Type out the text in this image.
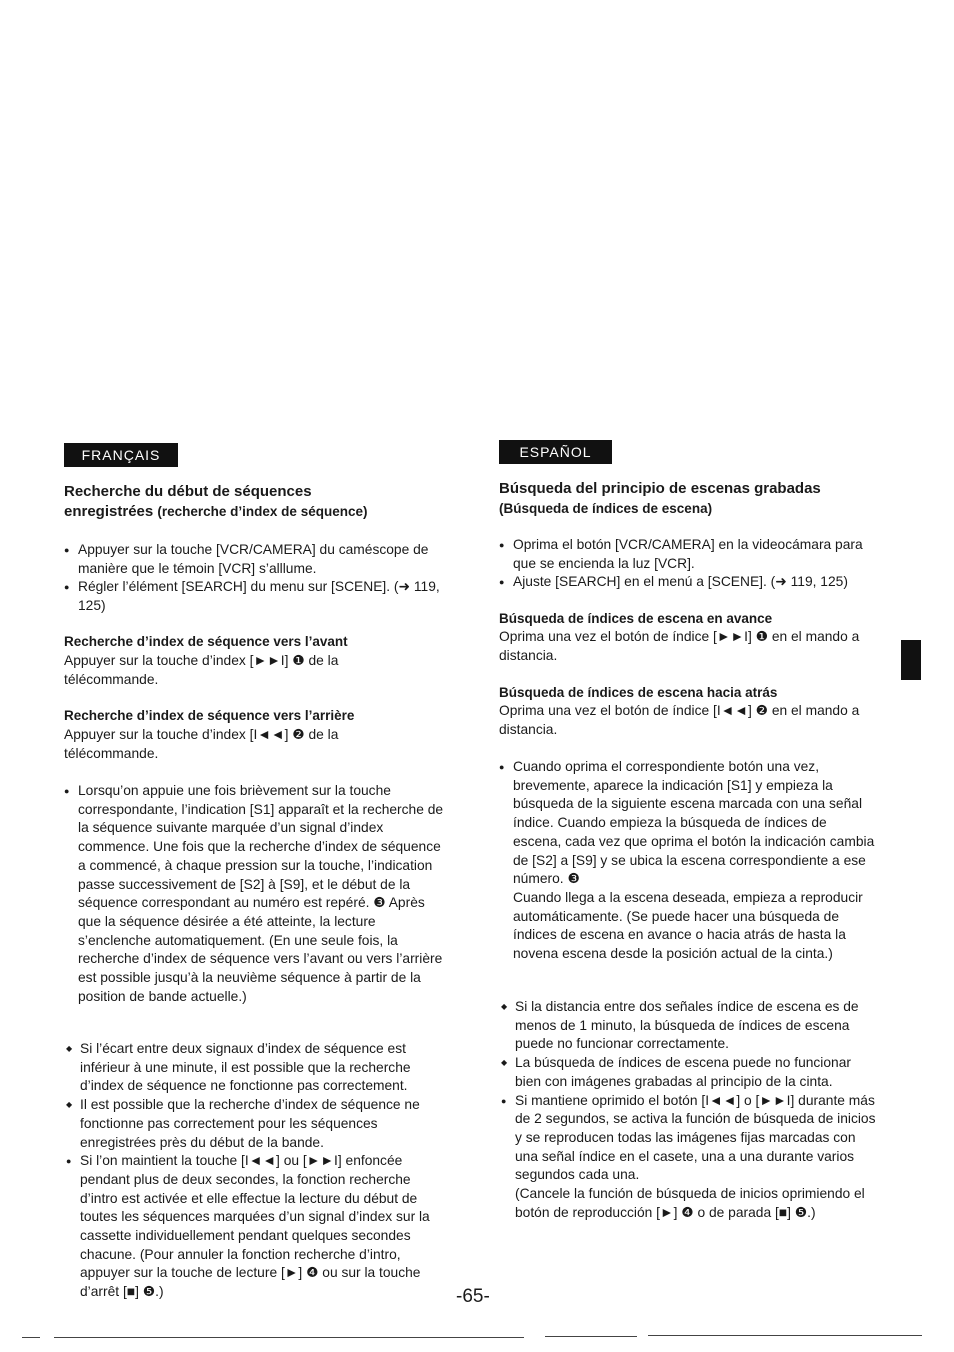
FRANÇAIS
Recherche du début de séquences
enregistrées (recherche d’index de séquence)
● Appuyer sur la touche [VCR/CAMERA] du caméscope de manière que le témoin [VCR] s’alllume.
● Régler l’élément [SEARCH] du menu sur [SCENE]. (➜ 119, 125)
Recherche d’index de séquence vers l’avant

Appuyer sur la touche d’index [►►I] ❶ de la télécommande.

Recherche d’index de séquence vers l’arrière

Appuyer sur la touche d’index [I◄◄] ❷ de la télécommande.

● Lorsqu’on appuie une fois brièvement sur la touche correspondante, l’indication [S1] apparaît et la recherche de la séquence suivante marquée d’un signal d’index commence. Une fois que la recherche d’index de séquence a commencé, à chaque pression sur la touche, l’indication passe successivement de [S2] à [S9], et le début de la séquence correspondant au numéro est repéré. ❸ Après que la séquence désirée a été atteinte, la lecture s’enclenche automatiquement. (En une seule fois, la recherche d’index de séquence vers l’avant ou vers l’arrière est possible jusqu’à la neuvième séquence à partir de la position de bande actuelle.)
◆ Si l’écart entre deux signaux d’index de séquence est inférieur à une minute, il est possible que la recherche d’index de séquence ne fonctionne pas correctement.
◆ Il est possible que la recherche d’index de séquence ne fonctionne pas correctement pour les séquences enregistrées près du début de la bande.
● Si l’on maintient la touche [I◄◄] ou [►►I] enfoncée pendant plus de deux secondes, la fonction recherche d’intro est activée et elle effectue la lecture du début de toutes les séquences marquées d’un signal d’index sur la cassette individuellement pendant quelques secondes chacune. (Pour annuler la fonction recherche d’intro, appuyer sur la touche de lecture [►] ❹ ou sur la touche d’arrêt [■] ❺.)
ESPAÑOL
Búsqueda del principio de escenas grabadas
(Búsqueda de índices de escena)
● Oprima el botón [VCR/CAMERA] en la videocámara para que se encienda la luz [VCR].
● Ajuste [SEARCH] en el menú a [SCENE]. (➜ 119, 125)
Búsqueda de índices de escena en avance

Oprima una vez el botón de índice [►►I] ❶ en el mando a distancia.

Búsqueda de índices de escena hacia atrás

Oprima una vez el botón de índice [I◄◄] ❷ en el mando a distancia.

● Cuando oprima el correspondiente botón una vez, brevemente, aparece la indicación [S1] y empieza la búsqueda de la siguiente escena marcada con una señal índice. Cuando empieza la búsqueda de índices de escena, cada vez que oprima el botón la indicación cambia de [S2] a [S9] y se ubica la escena correspondiente a ese número. ❸
Cuando llega a la escena deseada, empieza a reproducir automáticamente. (Se puede hacer una búsqueda de índices de escena en avance o hacia atrás de hasta la novena escena desde la posición actual de la cinta.)
◆ Si la distancia entre dos señales índice de escena es de menos de 1 minuto, la búsqueda de índices de escena puede no funcionar correctamente.
◆ La búsqueda de índices de escena puede no funcionar bien con imágenes grabadas al principio de la cinta.
● Si mantiene oprimido el botón [I◄◄] o [►►I] durante más de 2 segundos, se activa la función de búsqueda de inicios y se reproducen todas las imágenes fijas marcadas con una señal índice en el casete, una a una durante varios segundos cada una.
(Cancele la función de búsqueda de inicios oprimiendo el botón de reproducción [►] ❹ o de parada [■] ❺.)
-65-
